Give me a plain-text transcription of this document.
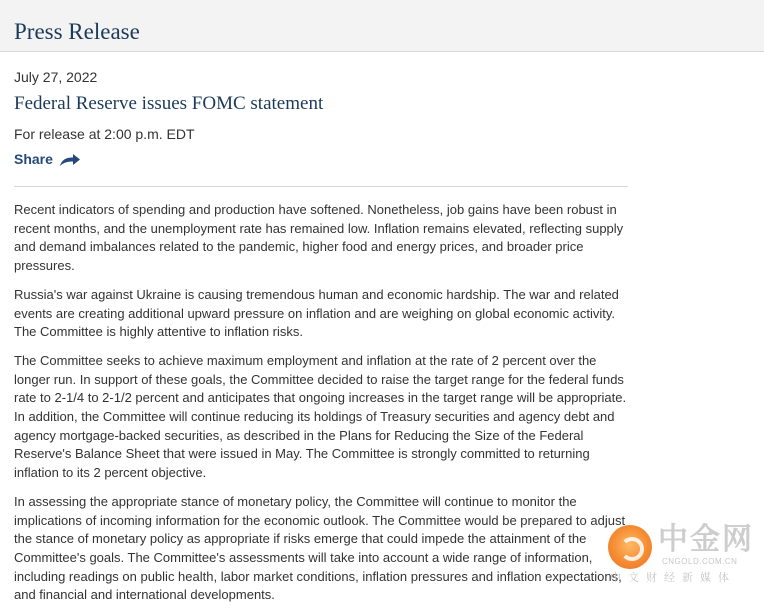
Press Release
July 27, 2022
Federal Reserve issues FOMC statement
For release at 2:00 p.m. EDT
Share

Recent indicators of spending and production have softened. Nonetheless, job gains have been robust in recent months, and the unemployment rate has remained low. Inflation remains elevated, reflecting supply and demand imbalances related to the pandemic, higher food and energy prices, and broader price pressures.

Russia's war against Ukraine is causing tremendous human and economic hardship. The war and related events are creating additional upward pressure on inflation and are weighing on global economic activity. The Committee is highly attentive to inflation risks.

The Committee seeks to achieve maximum employment and inflation at the rate of 2 percent over the longer run. In support of these goals, the Committee decided to raise the target range for the federal funds rate to 2-1/4 to 2-1/2 percent and anticipates that ongoing increases in the target range will be appropriate. In addition, the Committee will continue reducing its holdings of Treasury securities and agency debt and agency mortgage-backed securities, as described in the Plans for Reducing the Size of the Federal Reserve's Balance Sheet that were issued in May. The Committee is strongly committed to returning inflation to its 2 percent objective.

In assessing the appropriate stance of monetary policy, the Committee will continue to monitor the implications of incoming information for the economic outlook. The Committee would be prepared to adjust the stance of monetary policy as appropriate if risks emerge that could impede the attainment of the Committee's goals. The Committee's assessments will take into account a wide range of information, including readings on public health, labor market conditions, inflation pressures and inflation expectations, and financial and international developments.

中金网
CNGOLD.COM.CN
中文财经新媒体
